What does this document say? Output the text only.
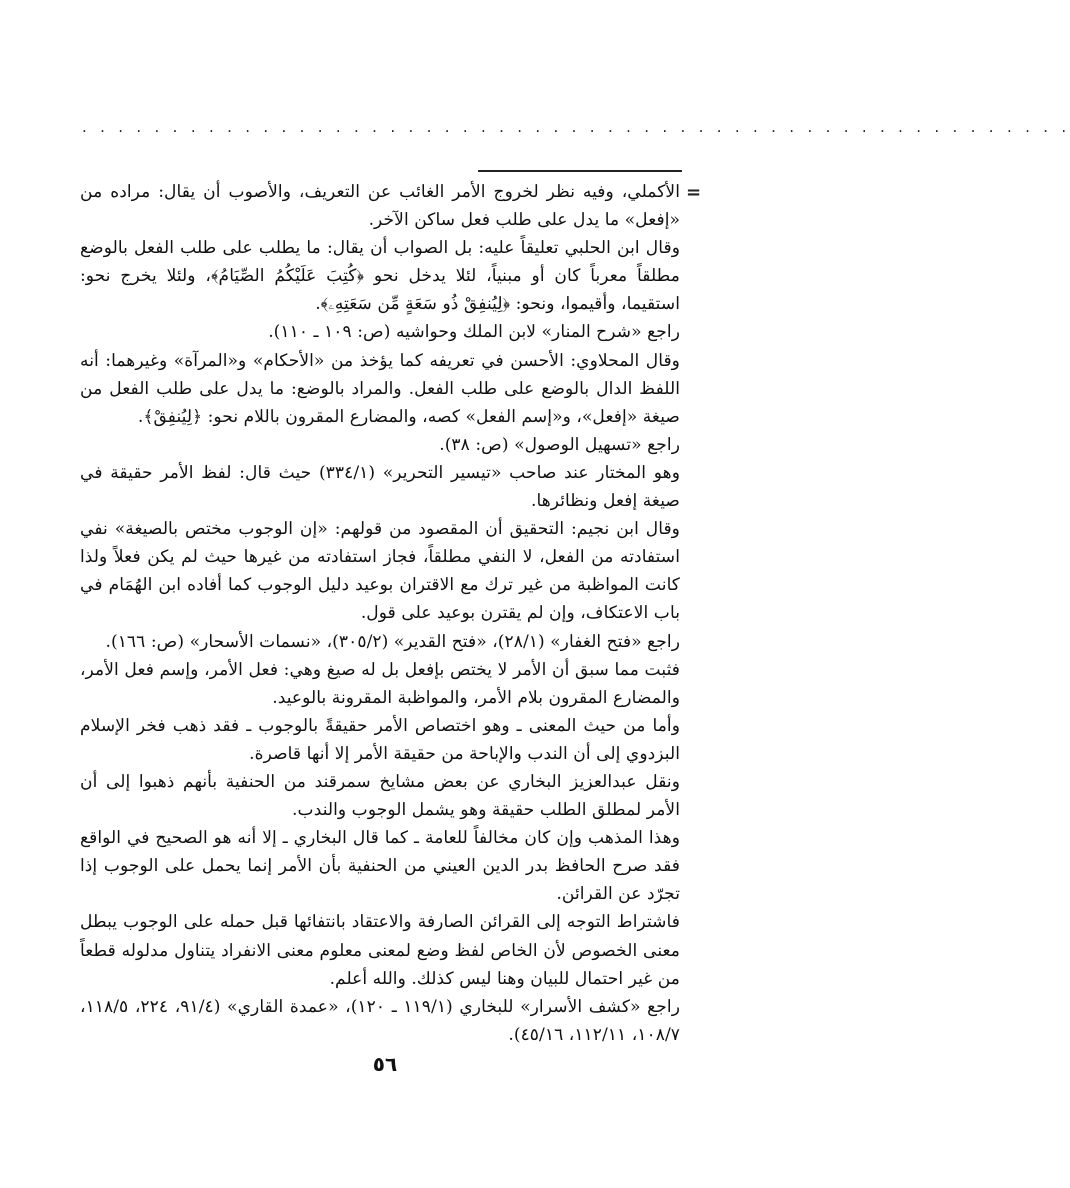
. . . . . . . . . . . . . . . . . . . . . . . . . . . . . . . . . . . . . . . . . . . . . . . . . . . . . . .
=

الأكملي، وفيه نظر لخروج الأمر الغائب عن التعريف، والأصوب أن يقال: مراده من «إفعل» ما يدل على طلب فعل ساكن الآخر.

وقال ابن الحلبي تعليقاً عليه: بل الصواب أن يقال: ما يطلب على طلب الفعل بالوضع مطلقاً معرباً كان أو مبنياً، لئلا يدخل نحو ﴿كُتِبَ عَلَيْكُمُ الصِّيَامُ﴾، ولئلا يخرج نحو: استقيما، وأقيموا، ونحو: ﴿لِيُنفِقْ ذُو سَعَةٍ مِّن سَعَتِهِۦ﴾.

راجع «شرح المنار» لابن الملك وحواشيه (ص: ١٠٩ ـ ١١٠).

وقال المحلاوي: الأحسن في تعريفه كما يؤخذ من «الأحكام» و«المرآة» وغيرهما: أنه اللفظ الدال بالوضع على طلب الفعل. والمراد بالوضع: ما يدل على طلب الفعل من صيغة «إفعل»، و«إسم الفعل» كصه، والمضارع المقرون باللام نحو: ﴿لِيُنفِقْ﴾.

راجع «تسهيل الوصول» (ص: ٣٨).

وهو المختار عند صاحب «تيسير التحرير» (٣٣٤/١) حيث قال: لفظ الأمر حقيقة في صيغة إفعل ونظائرها.

وقال ابن نجيم: التحقيق أن المقصود من قولهم: «إن الوجوب مختص بالصيغة» نفي استفادته من الفعل، لا النفي مطلقاً، فجاز استفادته من غيرها حيث لم يكن فعلاً ولذا كانت المواظبة من غير ترك مع الاقتران بوعيد دليل الوجوب كما أفاده ابن الهُمَام في باب الاعتكاف، وإن لم يقترن بوعيد على قول.

راجع «فتح الغفار» (٢٨/١)، «فتح القدير» (٣٠٥/٢)، «نسمات الأسحار» (ص: ١٦٦).

فثبت مما سبق أن الأمر لا يختص بإفعل بل له صيغ وهي: فعل الأمر، وإسم فعل الأمر، والمضارع المقرون بلام الأمر، والمواظبة المقرونة بالوعيد.

وأما من حيث المعنى ـ وهو اختصاص الأمر حقيقةً بالوجوب ـ فقد ذهب فخر الإسلام البزدوي إلى أن الندب والإباحة من حقيقة الأمر إلا أنها قاصرة.

ونقل عبدالعزيز البخاري عن بعض مشايخ سمرقند من الحنفية بأنهم ذهبوا إلى أن الأمر لمطلق الطلب حقيقة وهو يشمل الوجوب والندب.

وهذا المذهب وإن كان مخالفاً للعامة ـ كما قال البخاري ـ إلا أنه هو الصحيح في الواقع فقد صرح الحافظ بدر الدين العيني من الحنفية بأن الأمر إنما يحمل على الوجوب إذا تجرّد عن القرائن.

فاشتراط التوجه إلى القرائن الصارفة والاعتقاد بانتفائها قبل حمله على الوجوب يبطل معنى الخصوص لأن الخاص لفظ وضع لمعنى معلوم معنى الانفراد يتناول مدلوله قطعاً من غير احتمال للبيان وهنا ليس كذلك. والله أعلم.

راجع «كشف الأسرار» للبخاري (١١٩/١ ـ ١٢٠)، «عمدة القاري» (٩١/٤، ٢٢٤، ١١٨/٥، ١٠٨/٧، ١١٢/١١، ٤٥/١٦).

٥٦
